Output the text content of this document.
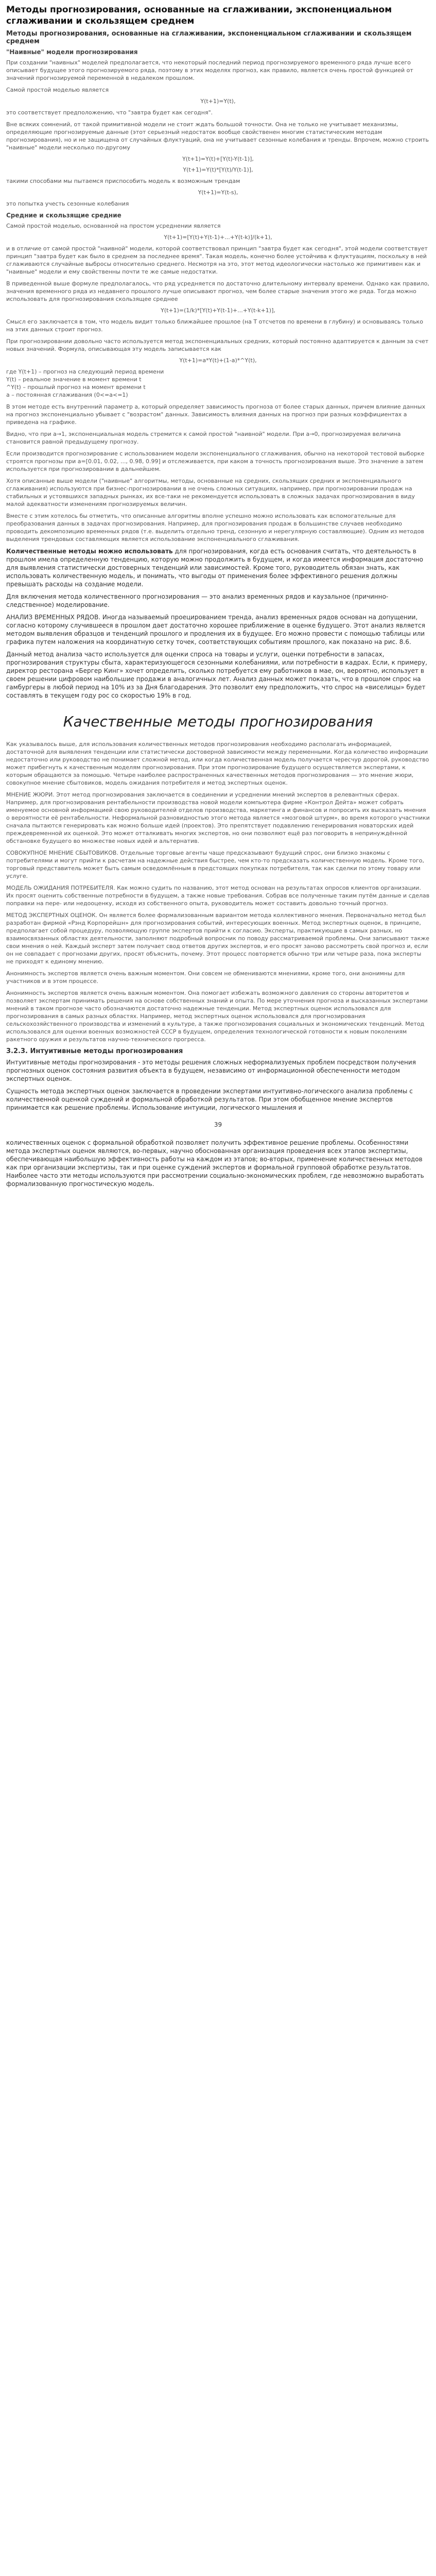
Методы прогнозирования, основанные на сглаживании, экспоненциальном сглаживании и скользящем среднем
Методы прогнозирования, основанные на сглаживании, экспоненциальном сглаживании и скользящем среднем
"Наивные" модели прогнозирования

При создании "наивных" моделей предполагается, что некоторый последний период прогнозируемого временного ряда лучше всего описывает будущее этого прогнозируемого ряда, поэтому в этих моделях прогноз, как правило, является очень простой функцией от значений прогнозируемой переменной в недалеком прошлом.

Самой простой моделью является

Y(t+1)=Y(t),

это соответствует предположению, что "завтра будет как сегодня".

Вне всяких сомнений, от такой примитивной модели не стоит ждать большой точности. Она не только не учитывает механизмы, определяющие прогнозируемые данные (этот серьезный недостаток вообще свойственен многим статистическим методам прогнозирования), но и не защищена от случайных флуктуаций, она не учитывает сезонные колебания и тренды. Впрочем, можно строить "наивные" модели несколько по-другому

Y(t+1)=Y(t)+[Y(t)-Y(t-1)],
Y(t+1)=Y(t)*[Y(t)/Y(t-1)],

такими способами мы пытаемся приспособить модель к возможным трендам

Y(t+1)=Y(t-s),

это попытка учесть сезонные колебания

Средние и скользящие средние

Самой простой моделью, основанной на простом усреднении является

Y(t+1)=[Y(t)+Y(t-1)+...+Y(t-k)]/(k+1),

и в отличие от самой простой "наивной" модели, которой соответствовал принцип "завтра будет как сегодня", этой модели соответствует принцип "завтра будет как было в среднем за последнее время". Такая модель, конечно более устойчива к флуктуациям, поскольку в ней сглаживаются случайные выбросы относительно среднего. Несмотря на это, этот метод идеологически настолько же примитивен как и "наивные" модели и ему свойственны почти те же самые недостатки.

В приведенной выше формуле предполагалось, что ряд усредняется по достаточно длительному интервалу времени. Однако как правило, значения временного ряда из недавнего прошлого лучше описывают прогноз, чем более старые значения этого же ряда. Тогда можно использовать для прогнозирования скользящее среднее

Y(t+1)=(1/k)*[Y(t)+Y(t-1)+...+Y(t-k+1)],

Смысл его заключается в том, что модель видит только ближайшее прошлое (на T отсчетов по времени в глубину) и основываясь только на этих данных строит прогноз.

При прогнозировании довольно часто используется метод экспоненциальных средних, который постоянно адаптируется к данным за счет новых значений. Формула, описывающая эту модель записывается как

Y(t+1)=a*Y(t)+(1-a)*^Y(t),

где Y(t+1) – прогноз на следующий период времени
Y(t) – реальное значение в момент времени t
^Y(t) – прошлый прогноз на момент времени t
a – постоянная сглаживания (0<=a<=1)

В этом методе есть внутренний параметр a, который определяет зависимость прогноза от более старых данных, причем влияние данных на прогноз экспоненциально убывает с "возрастом" данных. Зависимость влияния данных на прогноз при разных коэффициентах a приведена на графике.

Видно, что при a→1, экспоненциальная модель стремится к самой простой "наивной" модели. При a→0, прогнозируемая величина становится равной предыдущему прогнозу.

Если производится прогнозирование с использованием модели экспоненциального сглаживания, обычно на некоторой тестовой выборке строятся прогнозы при a=[0.01, 0.02, ..., 0.98, 0.99] и отслеживается, при каком а точность прогнозирования выше. Это значение а затем используется при прогнозировании в дальнейшем.

Хотя описанные выше модели ("наивные" алгоритмы, методы, основанные на средних, скользящих средних и экспоненциального сглаживания) используются при бизнес-прогнозировании в не очень сложных ситуациях, например, при прогнозировании продаж на стабильных и устоявшихся западных рынках, их все-таки не рекомендуется использовать в сложных задачах прогнозирования в виду малой адекватности изменениям прогнозируемых величин.

Вместе с этим хотелось бы отметить, что описанные алгоритмы вполне успешно можно использовать как вспомогательные для преобразования данных в задачах прогнозирования. Например, для прогнозирования продаж в большинстве случаев необходимо проводить декомпозицию временных рядов (т.е. выделить отдельно тренд, сезонную и нерегулярную составляющие). Одним из методов выделения трендовых составляющих является использование экспоненциального сглаживания.

Количественные методы можно использовать для прогнозирования, когда есть основания считать, что деятельность в прошлом имела определенную тенденцию, которую можно продолжить в будущем, и когда имеется информация достаточно для выявления статистически достоверных тенденций или зависимостей. Кроме того, руководитель обязан знать, как использовать количественную модель, и понимать, что выгоды от применения более эффективного решения должны превышать расходы на создание модели.

Для включения метода количественного прогнозирования — это анализ временных рядов и каузальное (причинно-следственное) моделирование.

АНАЛИЗ ВРЕМЕННЫХ РЯДОВ. Иногда называемый проецированием тренда, анализ временных рядов основан на допущении, согласно которому случившееся в прошлом дает достаточно хорошее приближение в оценке будущего. Этот анализ является методом выявления образцов и тенденций прошлого и продления их в будущее. Его можно провести с помощью таблицы или графика путем наложения на координатную сетку точек, соответствующих событиям прошлого, как показано на рис. 8.6.

Данный метод анализа часто используется для оценки спроса на товары и услуги, оценки потребности в запасах, прогнозирования структуры сбыта, характеризующегося сезонными колебаниями, или потребности в кадрах. Если, к примеру, директор ресторана «Бергер Кинг» хочет определить, сколько потребуется ему работников в мае, он, вероятно, использует в своем решении цифровом наибольшие продажи в аналогичных лет. Анализ данных может показать, что в прошлом спрос на гамбургеры в любой период на 10% из за Дня благодарения. Это позволит ему предположить, что спрос на «виселицы» будет составлять в текущем году рос со скоростью 19% в год.

Качественные методы прогнозирования

Как указывалось выше, для использования количественных методов прогнозирования необходимо располагать информацией, достаточной для выявления тенденции или статистически достоверной зависимости между переменными. Когда количество информации недостаточно или руководство не понимает сложной метод, или когда количественная модель получается чересчур дорогой, руководство может прибегнуть к качественным моделям прогнозирования. При этом прогнозирование будущего осуществляется экспертами, к которым обращаются за помощью. Четыре наиболее распространенных качественных методов прогнозирования — это мнение жюри, совокупное мнение сбытовиков, модель ожидания потребителя и метод экспертных оценок.

МНЕНИЕ ЖЮРИ. Этот метод прогнозирования заключается в соединении и усреднении мнений экспертов в релевантных сферах. Например, для прогнозирования рентабельности производства новой модели компьютера фирме «Контрол Дейта» может собрать именуемое основной информацией свою руководителей отделов производства, маркетинга и финансов и попросить их высказать мнения о вероятности её рентабельности. Неформальной разновидностью этого метода является «мозговой штурм», во время которого участники сначала пытаются генерировать как можно больше идей (проектов). Это препятствует подавлению генерирования новаторских идей преждевременной их оценкой. Это может отталкивать многих экспертов, но они позволяют ещё раз поговорить в непринуждённой обстановке будущего во множестве новых идей и альтернатив.

СОВОКУПНОЕ МНЕНИЕ СБЫТОВИКОВ. Отдельные торговые агенты чаще предсказывают будущий спрос, они близко знакомы с потребителями и могут прийти к расчетам на надежные действия быстрее, чем кто-то предсказать количественную модель. Кроме того, торговый представитель может быть самым осведомлённым в предстоящих покупках потребителя, так как сделки по этому товару или услуге.

МОДЕЛЬ ОЖИДАНИЯ ПОТРЕБИТЕЛЯ. Как можно судить по названию, этот метод основан на результатах опросов клиентов организации. Их просят оценить собственные потребности в будущем, а также новые требования. Собрав все полученные таким путём данные и сделав поправки на пере- или недооценку, исходя из собственного опыта, руководитель может составить довольно точный прогноз.

МЕТОД ЭКСПЕРТНЫХ ОЦЕНОК. Он является более формализованным вариантом метода коллективного мнения. Первоначально метод был разработан фирмой «Рэнд Корпорейшн» для прогнозирования событий, интересующих военных. Метод экспертных оценок, в принципе, предполагает собой процедуру, позволяющую группе экспертов прийти к согласию. Эксперты, практикующие в самых разных, но взаимосвязанных областях деятельности, заполняют подробный вопросник по поводу рассматриваемой проблемы. Они записывают также свои мнения о ней. Каждый эксперт затем получает свод ответов других экспертов, и его просят заново рассмотреть свой прогноз и, если он не совпадает с прогнозами других, просят объяснить, почему. Этот процесс повторяется обычно три или четыре раза, пока эксперты не приходят к единому мнению.

Анонимность экспертов является очень важным моментом. Они совсем не обмениваются мнениями, кроме того, они анонимны для участников и в этом процессе.

Анонимность экспертов является очень важным моментом. Она помогает избежать возможного давления со стороны авторитетов и позволяет экспертам принимать решения на основе собственных знаний и опыта. По мере уточнения прогноза и высказанных экспертами мнений в таком прогнозе часто обозначаются достаточно надежные тенденции. Метод экспертных оценок использовался для прогнозирования в самых разных областях. Например, метод экспертных оценок использовался для прогнозирования сельскохозяйственного производства и изменений в культуре, а также прогнозирования социальных и экономических тенденций. Метод использовался для оценки военных возможностей СССР в будущем, определения технологической готовности к новым поколениям ракетного оружия и результатов научно-технического прогресса.

3.2.3. Интуитивные методы прогнозирования

Интуитивные методы прогнозирования - это методы решения сложных неформализуемых проблем посредством получения прогнозных оценок состояния развития объекта в будущем, независимо от информационной обеспеченности методом экспертных оценок.

Сущность метода экспертных оценок заключается в проведении экспертами интуитивно-логического анализа проблемы с количественной оценкой суждений и формальной обработкой результатов. При этом обобщенное мнение экспертов принимается как решение проблемы. Использование интуиции, логического мышления и

39

количественных оценок с формальной обработкой позволяет получить эффективное решение проблемы. Особенностями метода экспертных оценок являются, во-первых, научно обоснованная организация проведения всех этапов экспертизы, обеспечивающая наибольшую эффективность работы на каждом из этапов; во-вторых, применение количественных методов как при организации экспертизы, так и при оценке суждений экспертов и формальной групповой обработке результатов. Наиболее часто эти методы используются при рассмотрении социально-экономических проблем, где невозможно выработать формализованную прогностическую модель.
